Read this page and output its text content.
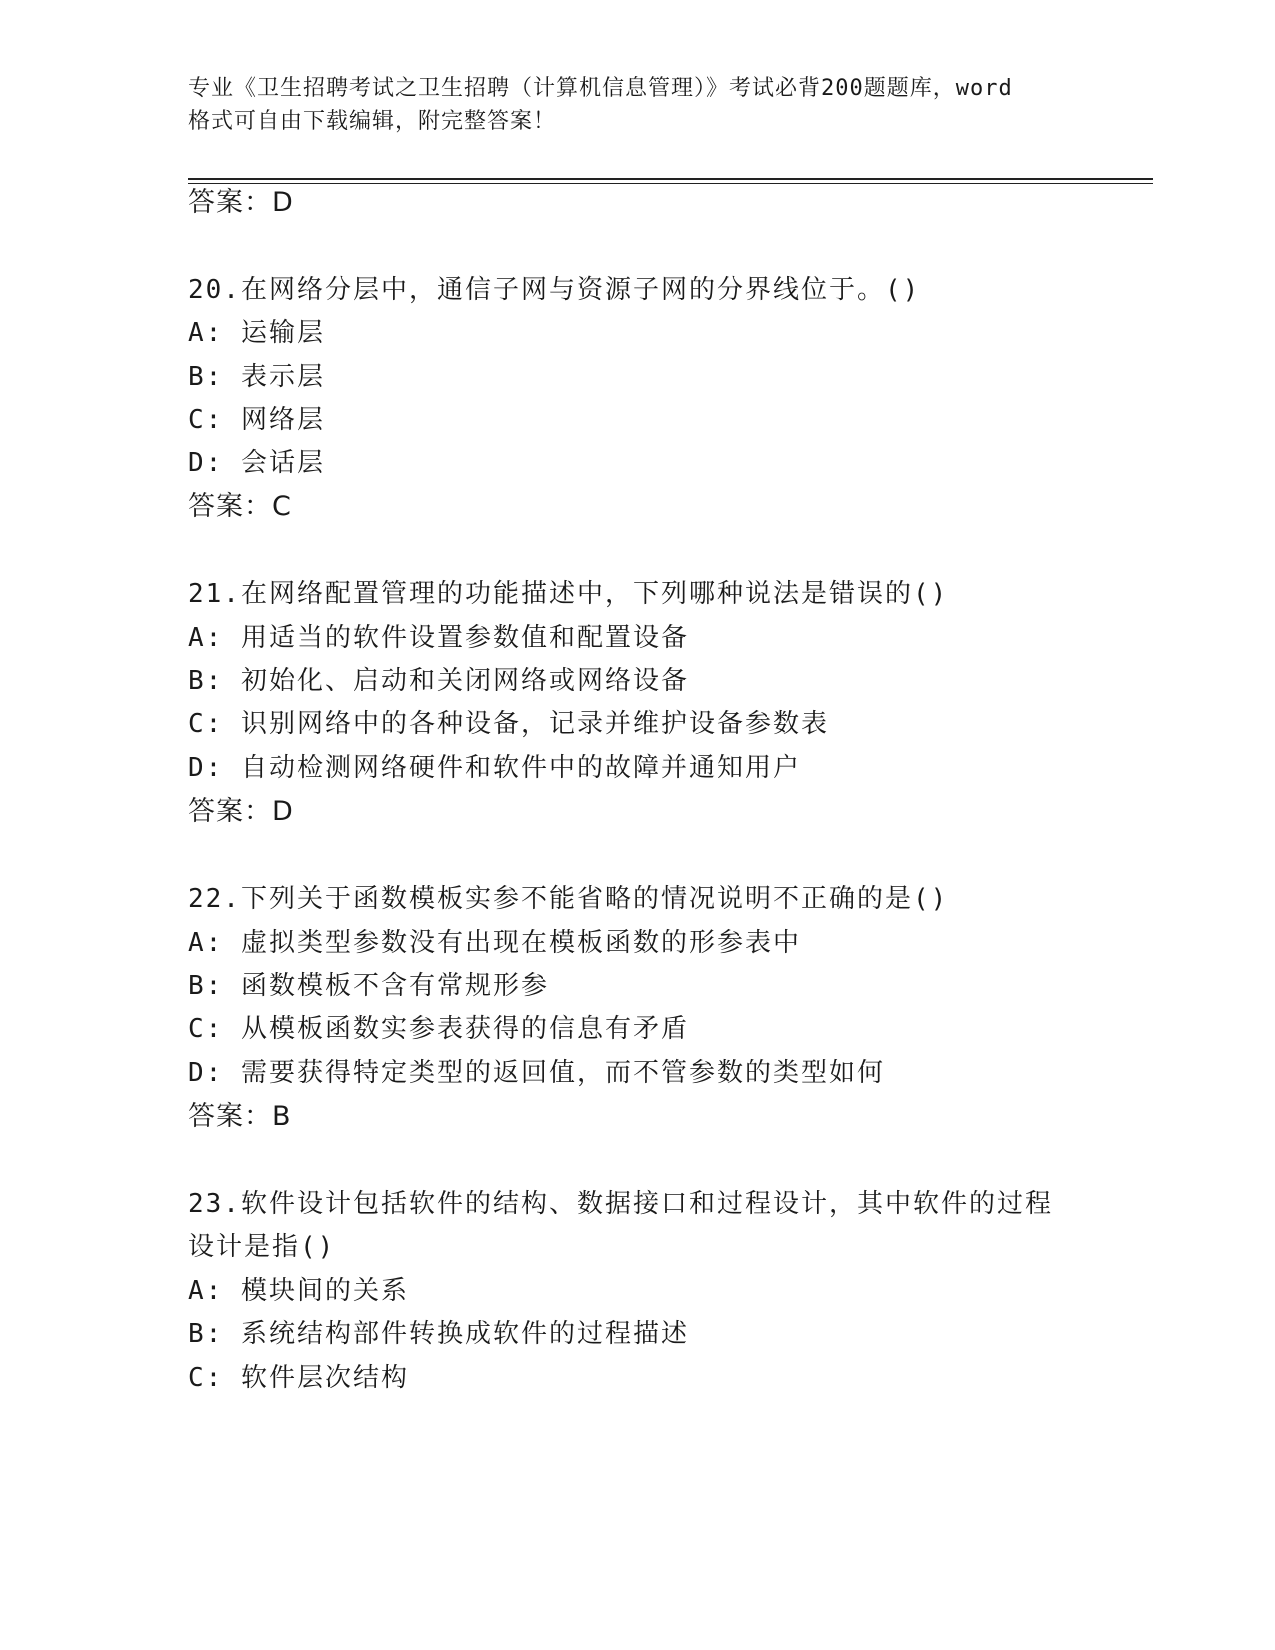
专业《卫生招聘考试之卫生招聘（计算机信息管理）》考试必背200题题库，word
格式可自由下载编辑，附完整答案！
答案：D
20.在网络分层中，通信子网与资源子网的分界线位于。()
A: 运输层
B: 表示层
C: 网络层
D: 会话层
答案：C
21.在网络配置管理的功能描述中，下列哪种说法是错误的()
A: 用适当的软件设置参数值和配置设备
B: 初始化、启动和关闭网络或网络设备
C: 识别网络中的各种设备，记录并维护设备参数表
D: 自动检测网络硬件和软件中的故障并通知用户
答案：D
22.下列关于函数模板实参不能省略的情况说明不正确的是()
A: 虚拟类型参数没有出现在模板函数的形参表中
B: 函数模板不含有常规形参
C: 从模板函数实参表获得的信息有矛盾
D: 需要获得特定类型的返回值，而不管参数的类型如何
答案：B
23.软件设计包括软件的结构、数据接口和过程设计，其中软件的过程
设计是指()
A: 模块间的关系
B: 系统结构部件转换成软件的过程描述
C: 软件层次结构
